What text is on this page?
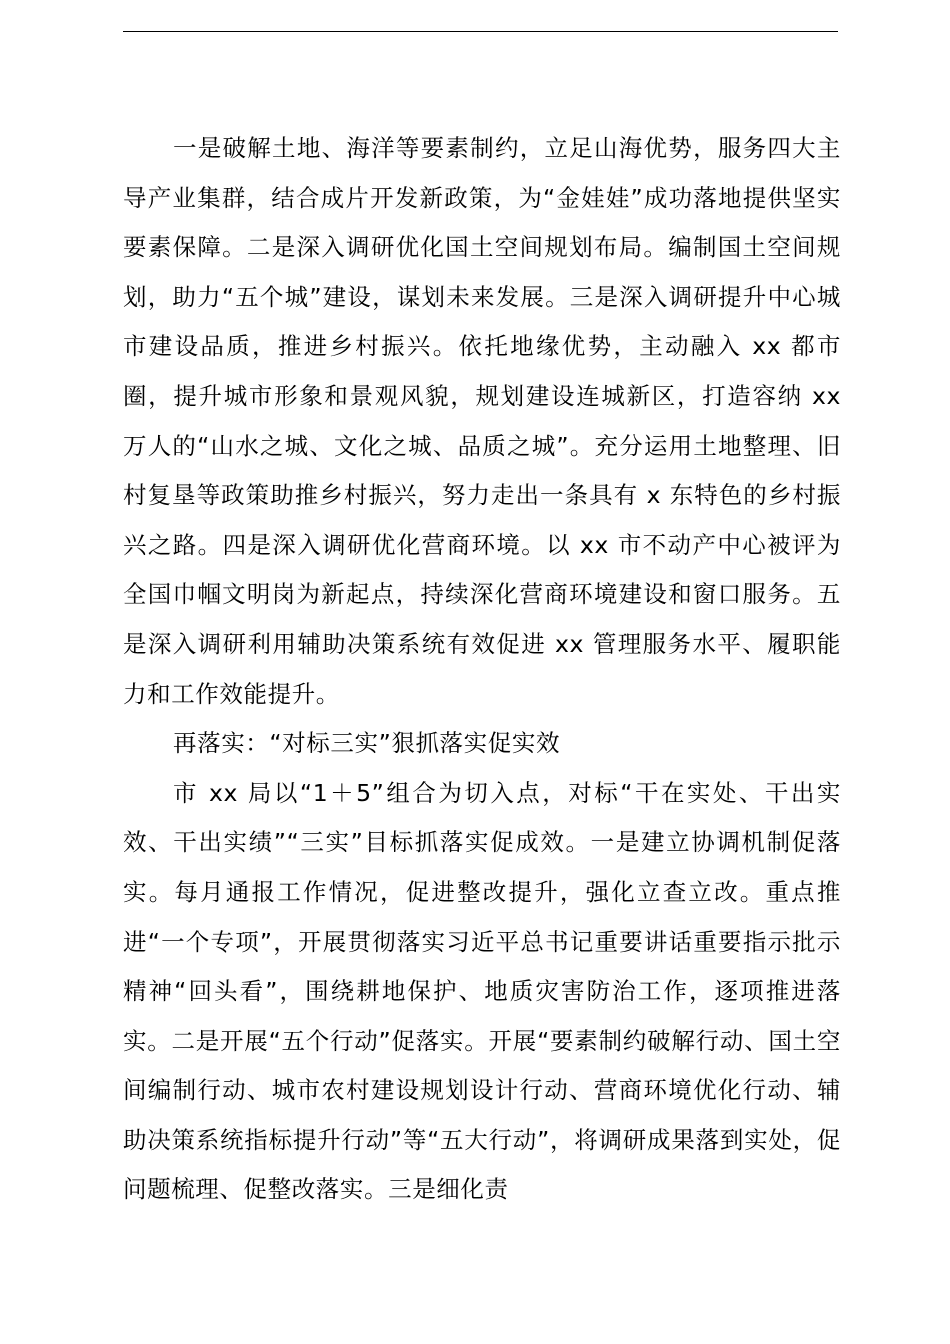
一是破解土地、海洋等要素制约，立足山海优势，服务四大主导产业集群，结合成片开发新政策，为“金娃娃”成功落地提供坚实要素保障。二是深入调研优化国土空间规划布局。编制国土空间规划，助力“五个城”建设，谋划未来发展。三是深入调研提升中心城市建设品质，推进乡村振兴。依托地缘优势，主动融入 xx 都市圈，提升城市形象和景观风貌，规划建设连城新区，打造容纳 xx 万人的“山水之城、文化之城、品质之城”。充分运用土地整理、旧村复垦等政策助推乡村振兴，努力走出一条具有 x 东特色的乡村振兴之路。四是深入调研优化营商环境。以 xx 市不动产中心被评为全国巾帼文明岗为新起点，持续深化营商环境建设和窗口服务。五是深入调研利用辅助决策系统有效促进 xx 管理服务水平、履职能力和工作效能提升。

再落实：“对标三实”狠抓落实促实效

市 xx 局以“1＋5”组合为切入点，对标“干在实处、干出实效、干出实绩”“三实”目标抓落实促成效。一是建立协调机制促落实。每月通报工作情况，促进整改提升，强化立查立改。重点推进“一个专项”，开展贯彻落实习近平总书记重要讲话重要指示批示精神“回头看”，围绕耕地保护、地质灾害防治工作，逐项推进落实。二是开展“五个行动”促落实。开展“要素制约破解行动、国土空间编制行动、城市农村建设规划设计行动、营商环境优化行动、辅助决策系统指标提升行动”等“五大行动”，将调研成果落到实处，促问题梳理、促整改落实。三是细化责
